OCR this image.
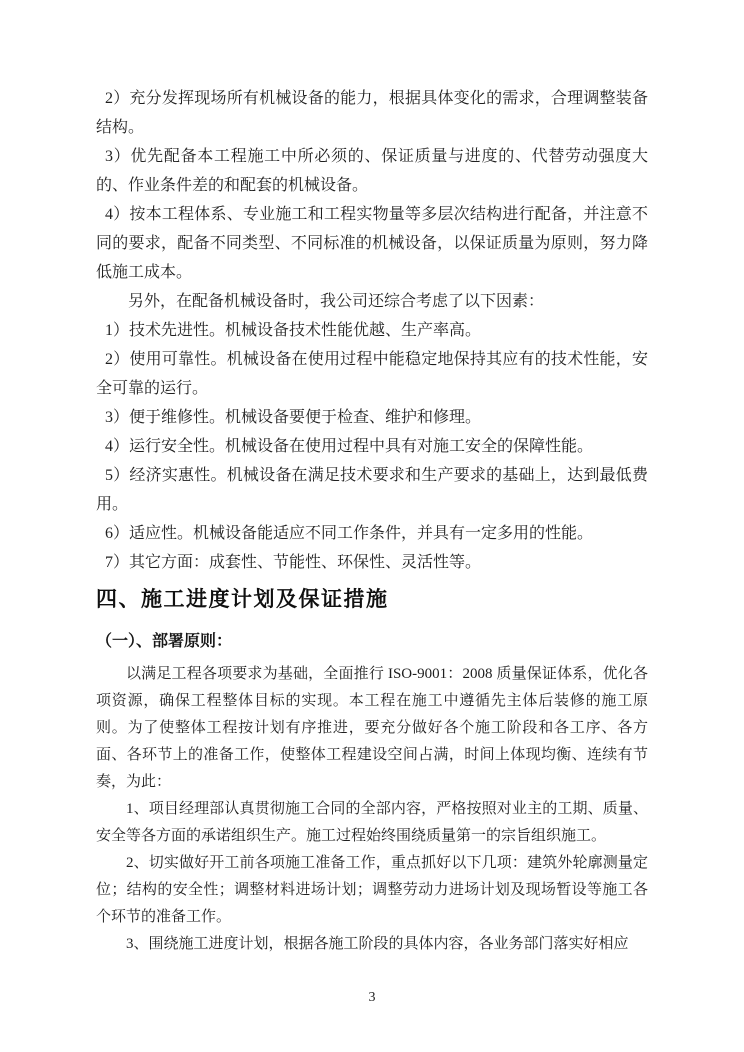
2）充分发挥现场所有机械设备的能力，根据具体变化的需求，合理调整装备结构。

3）优先配备本工程施工中所必须的、保证质量与进度的、代替劳动强度大的、作业条件差的和配套的机械设备。

4）按本工程体系、专业施工和工程实物量等多层次结构进行配备，并注意不同的要求，配备不同类型、不同标准的机械设备，以保证质量为原则，努力降低施工成本。

另外，在配备机械设备时，我公司还综合考虑了以下因素：

1）技术先进性。机械设备技术性能优越、生产率高。

2）使用可靠性。机械设备在使用过程中能稳定地保持其应有的技术性能，安全可靠的运行。

3）便于维修性。机械设备要便于检查、维护和修理。

4）运行安全性。机械设备在使用过程中具有对施工安全的保障性能。

5）经济实惠性。机械设备在满足技术要求和生产要求的基础上，达到最低费用。

6）适应性。机械设备能适应不同工作条件，并具有一定多用的性能。

7）其它方面：成套性、节能性、环保性、灵活性等。

四、施工进度计划及保证措施
（一）、部署原则：

以满足工程各项要求为基础，全面推行 ISO-9001：2008 质量保证体系，优化各项资源，确保工程整体目标的实现。本工程在施工中遵循先主体后装修的施工原则。为了使整体工程按计划有序推进，要充分做好各个施工阶段和各工序、各方面、各环节上的准备工作，使整体工程建设空间占满，时间上体现均衡、连续有节奏，为此：

1、项目经理部认真贯彻施工合同的全部内容，严格按照对业主的工期、质量、安全等各方面的承诺组织生产。施工过程始终围绕质量第一的宗旨组织施工。

2、切实做好开工前各项施工准备工作，重点抓好以下几项：建筑外轮廓测量定位；结构的安全性；调整材料进场计划；调整劳动力进场计划及现场暂设等施工各个环节的准备工作。

3、围绕施工进度计划，根据各施工阶段的具体内容，各业务部门落实好相应

3
